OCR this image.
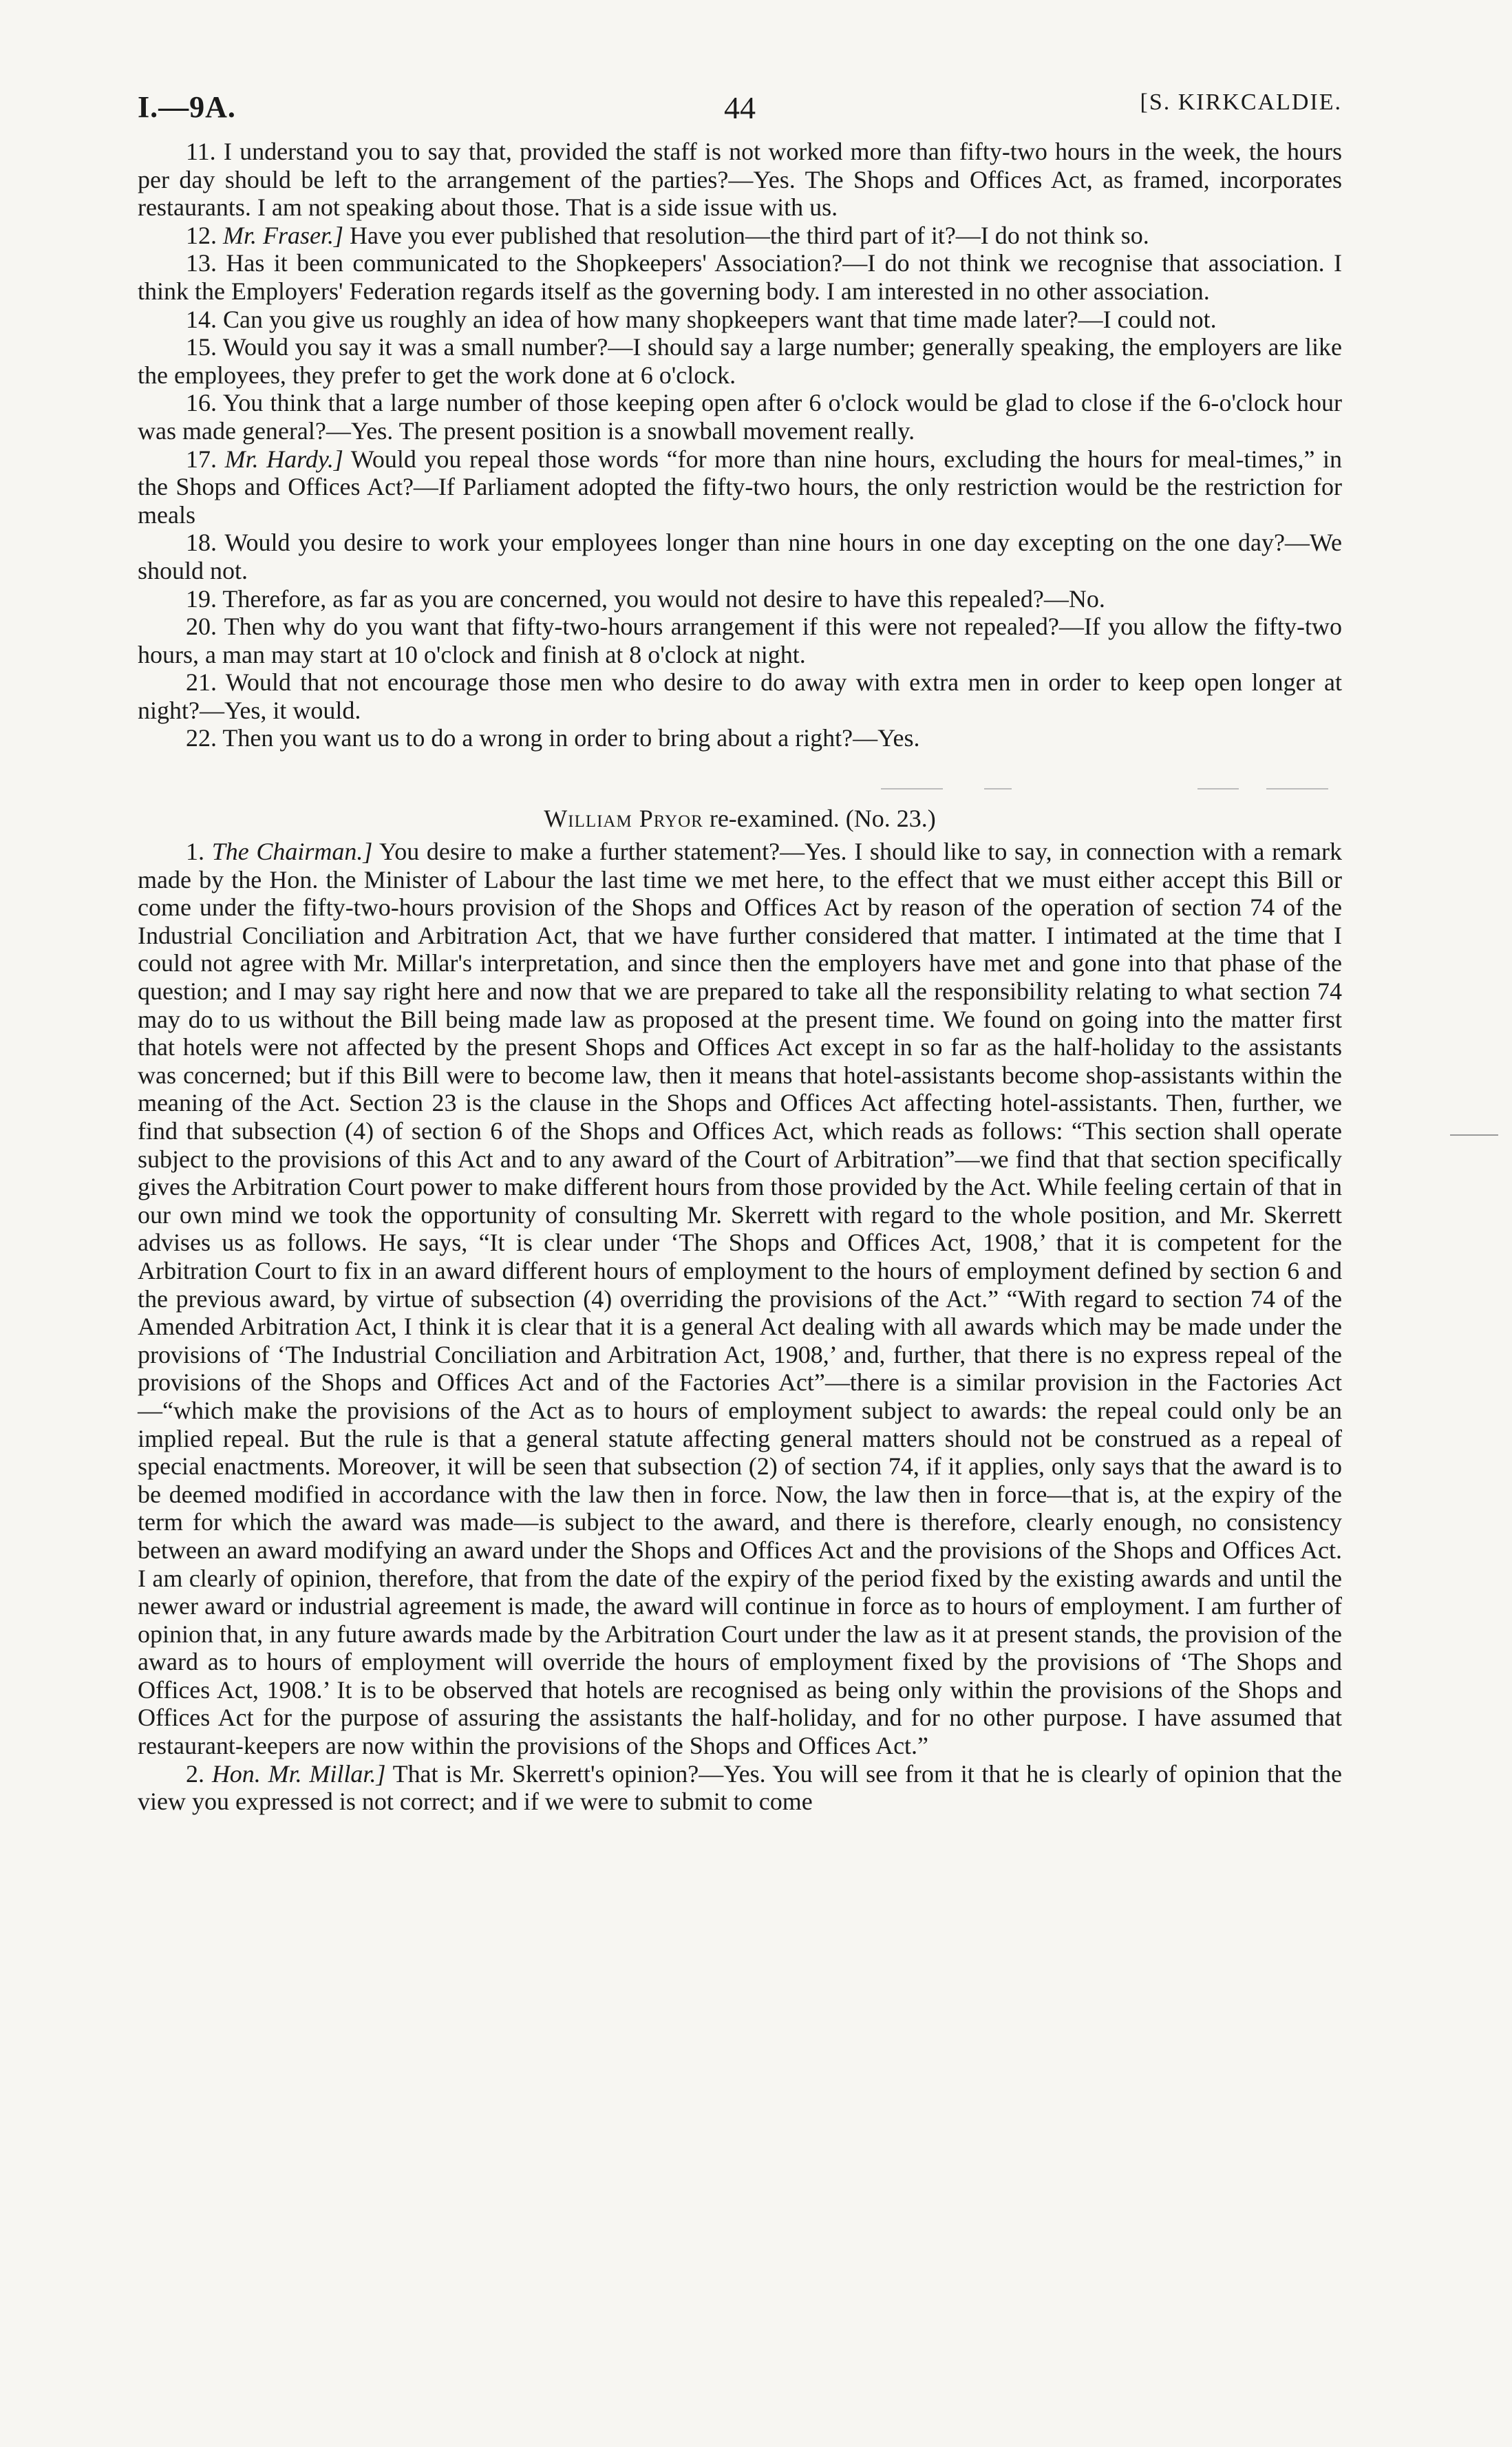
I.—9A.	44	[S. KIRKCALDIE.

11. I understand you to say that, provided the staff is not worked more than fifty-two hours in the week, the hours per day should be left to the arrangement of the parties?—Yes. The Shops and Offices Act, as framed, incorporates restaurants. I am not speaking about those. That is a side issue with us.

12. Mr. Fraser.] Have you ever published that resolution—the third part of it?—I do not think so.

13. Has it been communicated to the Shopkeepers' Association?—I do not think we recognise that association. I think the Employers' Federation regards itself as the governing body. I am interested in no other association.

14. Can you give us roughly an idea of how many shopkeepers want that time made later?—I could not.

15. Would you say it was a small number?—I should say a large number; generally speaking, the employers are like the employees, they prefer to get the work done at 6 o'clock.

16. You think that a large number of those keeping open after 6 o'clock would be glad to close if the 6-o'clock hour was made general?—Yes. The present position is a snowball movement really.

17. Mr. Hardy.] Would you repeal those words “for more than nine hours, excluding the hours for meal-times,” in the Shops and Offices Act?—If Parliament adopted the fifty-two hours, the only restriction would be the restriction for meals

18. Would you desire to work your employees longer than nine hours in one day excepting on the one day?—We should not.

19. Therefore, as far as you are concerned, you would not desire to have this repealed?—No.

20. Then why do you want that fifty-two-hours arrangement if this were not repealed?—If you allow the fifty-two hours, a man may start at 10 o'clock and finish at 8 o'clock at night.

21. Would that not encourage those men who desire to do away with extra men in order to keep open longer at night?—Yes, it would.

22. Then you want us to do a wrong in order to bring about a right?—Yes.

William Pryor re-examined. (No. 23.)

1. The Chairman.] You desire to make a further statement?—Yes. I should like to say, in connection with a remark made by the Hon. the Minister of Labour the last time we met here, to the effect that we must either accept this Bill or come under the fifty-two-hours provision of the Shops and Offices Act by reason of the operation of section 74 of the Industrial Conciliation and Arbitration Act, that we have further considered that matter. I intimated at the time that I could not agree with Mr. Millar's interpretation, and since then the employers have met and gone into that phase of the question; and I may say right here and now that we are prepared to take all the responsibility relating to what section 74 may do to us without the Bill being made law as proposed at the present time. We found on going into the matter first that hotels were not affected by the present Shops and Offices Act except in so far as the half-holiday to the assistants was concerned; but if this Bill were to become law, then it means that hotel-assistants become shop-assistants within the meaning of the Act. Section 23 is the clause in the Shops and Offices Act affecting hotel-assistants. Then, further, we find that subsection (4) of section 6 of the Shops and Offices Act, which reads as follows: “This section shall operate subject to the provisions of this Act and to any award of the Court of Arbitration”—we find that that section specifically gives the Arbitration Court power to make different hours from those provided by the Act. While feeling certain of that in our own mind we took the opportunity of consulting Mr. Skerrett with regard to the whole position, and Mr. Skerrett advises us as follows. He says, “It is clear under ‘The Shops and Offices Act, 1908,’ that it is competent for the Arbitration Court to fix in an award different hours of employment to the hours of employment defined by section 6 and the previous award, by virtue of subsection (4) overriding the provisions of the Act.” “With regard to section 74 of the Amended Arbitration Act, I think it is clear that it is a general Act dealing with all awards which may be made under the provisions of ‘The Industrial Conciliation and Arbitration Act, 1908,’ and, further, that there is no express repeal of the provisions of the Shops and Offices Act and of the Factories Act”—there is a similar provision in the Factories Act—“which make the provisions of the Act as to hours of employment subject to awards: the repeal could only be an implied repeal. But the rule is that a general statute affecting general matters should not be construed as a repeal of special enactments. Moreover, it will be seen that subsection (2) of section 74, if it applies, only says that the award is to be deemed modified in accordance with the law then in force. Now, the law then in force—that is, at the expiry of the term for which the award was made—is subject to the award, and there is therefore, clearly enough, no consistency between an award modifying an award under the Shops and Offices Act and the provisions of the Shops and Offices Act. I am clearly of opinion, therefore, that from the date of the expiry of the period fixed by the existing awards and until the newer award or industrial agreement is made, the award will continue in force as to hours of employment. I am further of opinion that, in any future awards made by the Arbitration Court under the law as it at present stands, the provision of the award as to hours of employment will override the hours of employment fixed by the provisions of ‘The Shops and Offices Act, 1908.’ It is to be observed that hotels are recognised as being only within the provisions of the Shops and Offices Act for the purpose of assuring the assistants the half-holiday, and for no other purpose. I have assumed that restaurant-keepers are now within the provisions of the Shops and Offices Act.”

2. Hon. Mr. Millar.] That is Mr. Skerrett's opinion?—Yes. You will see from it that he is clearly of opinion that the view you expressed is not correct; and if we were to submit to come
